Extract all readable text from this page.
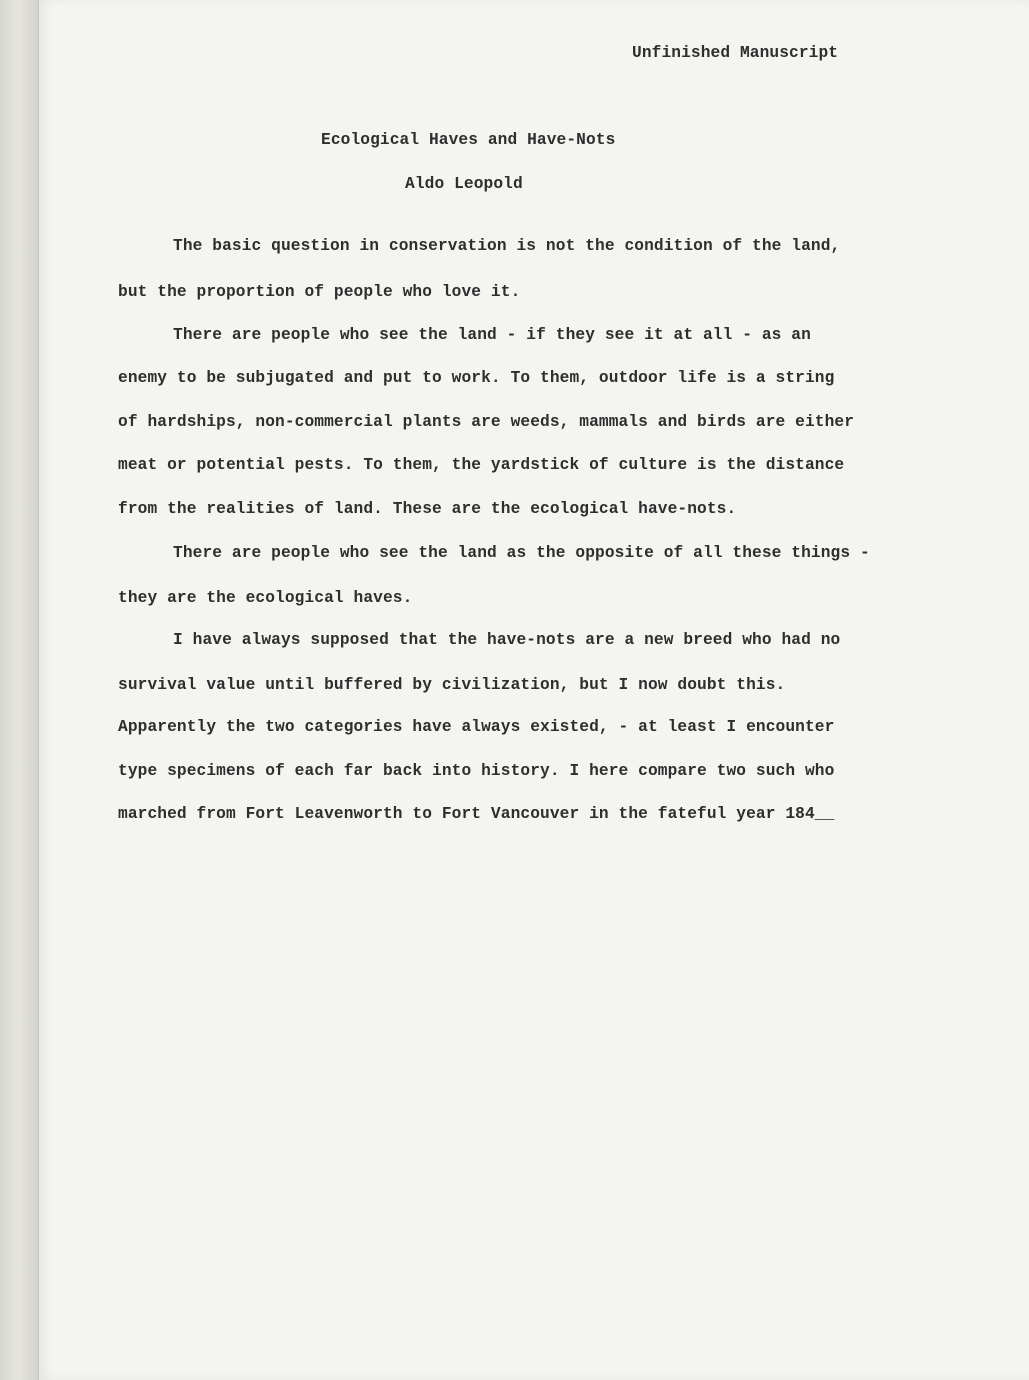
Unfinished Manuscript
Ecological Haves and Have-Nots
Aldo Leopold
The basic question in conservation is not the condition of the land,
but the proportion of people who love it.
There are people who see the land - if they see it at all - as an
enemy to be subjugated and put to work. To them, outdoor life is a string
of hardships, non-commercial plants are weeds, mammals and birds are either
meat or potential pests. To them, the yardstick of culture is the distance
from the realities of land. These are the ecological have-nots.
There are people who see the land as the opposite of all these things -
they are the ecological haves.
I have always supposed that the have-nots are a new breed who had no
survival value until buffered by civilization, but I now doubt this.
Apparently the two categories have always existed, - at least I encounter
type specimens of each far back into history. I here compare two such who
marched from Fort Leavenworth to Fort Vancouver in the fateful year 184__
